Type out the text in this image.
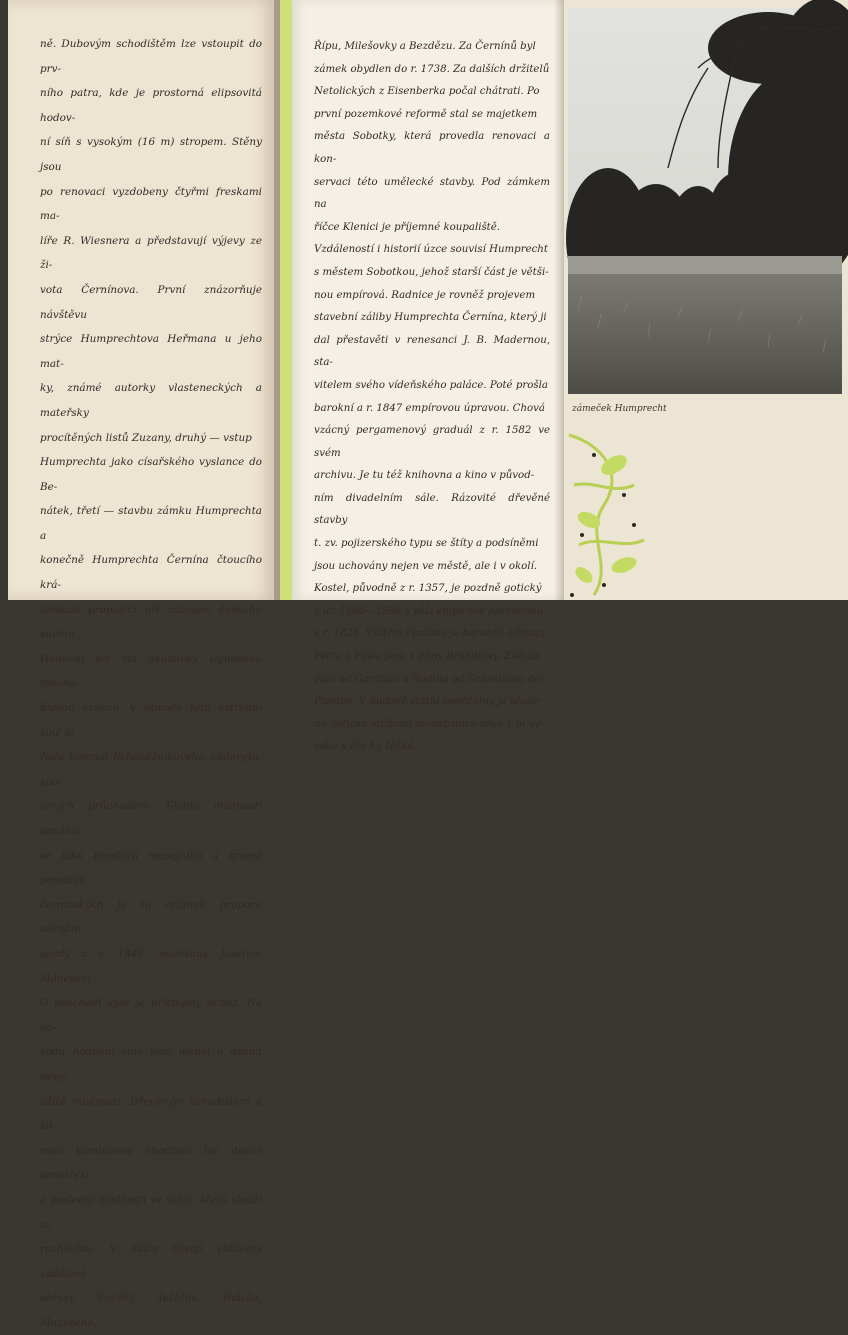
ně. Dubovým schodištěm lze vstoupit do prv-

ního patra, kde je prostorná elipsovitá hodov-

ní síň s vysokým (16 m) stropem. Stěny jsou

po renovaci vyzdobeny čtyřmi freskami ma-

líře R. Wiesnera a představují výjevy ze ži-

vota Černínova. První znázorňuje návštěvu

strýce Humprechtova Heřmana u jeho mat-

ky, známé autorky vlasteneckých a mateřsky

procítěných listů Zuzany, druhý — vstup

Humprechta jako císařského vyslance do Be-

nátek, třetí — stavbu zámku Humprechta a

konečně Humprechta Černína čtoucího krá-

lovskou proposici při zahájení českého sněmu.

Hodovní síň má akusticky zajímavou mnoho-

hlasou ozvěnu. V obvodu této ústřední síně je

řada komnat lichoběžníkového půdorysu, spo-

jených průchodem. Těchto místností používá

se jako prostoru musejního a kromě památek

černínských je tu originál praporu národní

gardy z r. 1848, malovaný Josefem Mánesem.

O poschodí výše je přístupný ochoz. Na ob-

vodu hodovní síně jsou menší a dosud nevy-

užité místnosti. Dřevěným schodištěm a šik-

mou kominovou chodbou lze dosíci podstřeší

a poslední místnosti ve vížce, která slouží za

rozhlednu. V dálce bývají viditelny vzdálené

obrysy Sněžky, Ještědu, Ralska, Mužského,

Řípu, Milešovky a Bezdězu. Za Černínů byl

zámek obydlen do r. 1738. Za dalších držitelů

Netolických z Eisenberka počal chátrati. Po

první pozemkové reformě stal se majetkem

města Sobotky, která provedla renovaci a kon-

servaci této umělecké stavby. Pod zámkem na

říčce Klenici je příjemné koupaliště.

Vzdáleností i historií úzce souvisí Humprecht

s městem Sobotkou, jehož starší část je větši-

nou empírová. Radnice je rovněž projevem

stavební záliby Humprechta Černína, který ji

dal přestavěti v renesanci J. B. Madernou, sta-

vitelem svého vídeňského paláce. Poté prošla

barokní a r. 1847 empírovou úpravou. Chová

vzácný pergamenový graduál z r. 1582 ve svém

archivu. Je tu též knihovna a kino v původ-

ním divadelním sále. Rázovité dřevěné stavby

t. zv. pojizerského typu se štíty a podsíněmi

jsou uchovány nejen ve městě, ale i v okolí.

Kostel, původně z r. 1357, je pozdně gotický

z let 1590—1596 s věží empírově opravenou

v r. 1828. Vnitřní výzdoba je barokní. Obrazy

Petra a Pavla jsou z dílny Brandlovy. Zvěsto-

vání od Garatalo a Rodina od Šebestiána del

Piombo. V budově státní spořitelny je ulože-

na gotická stříbrná monstrance přes 1 m vy-

soká a 8½ kg těžká.

zámeček Humprecht
